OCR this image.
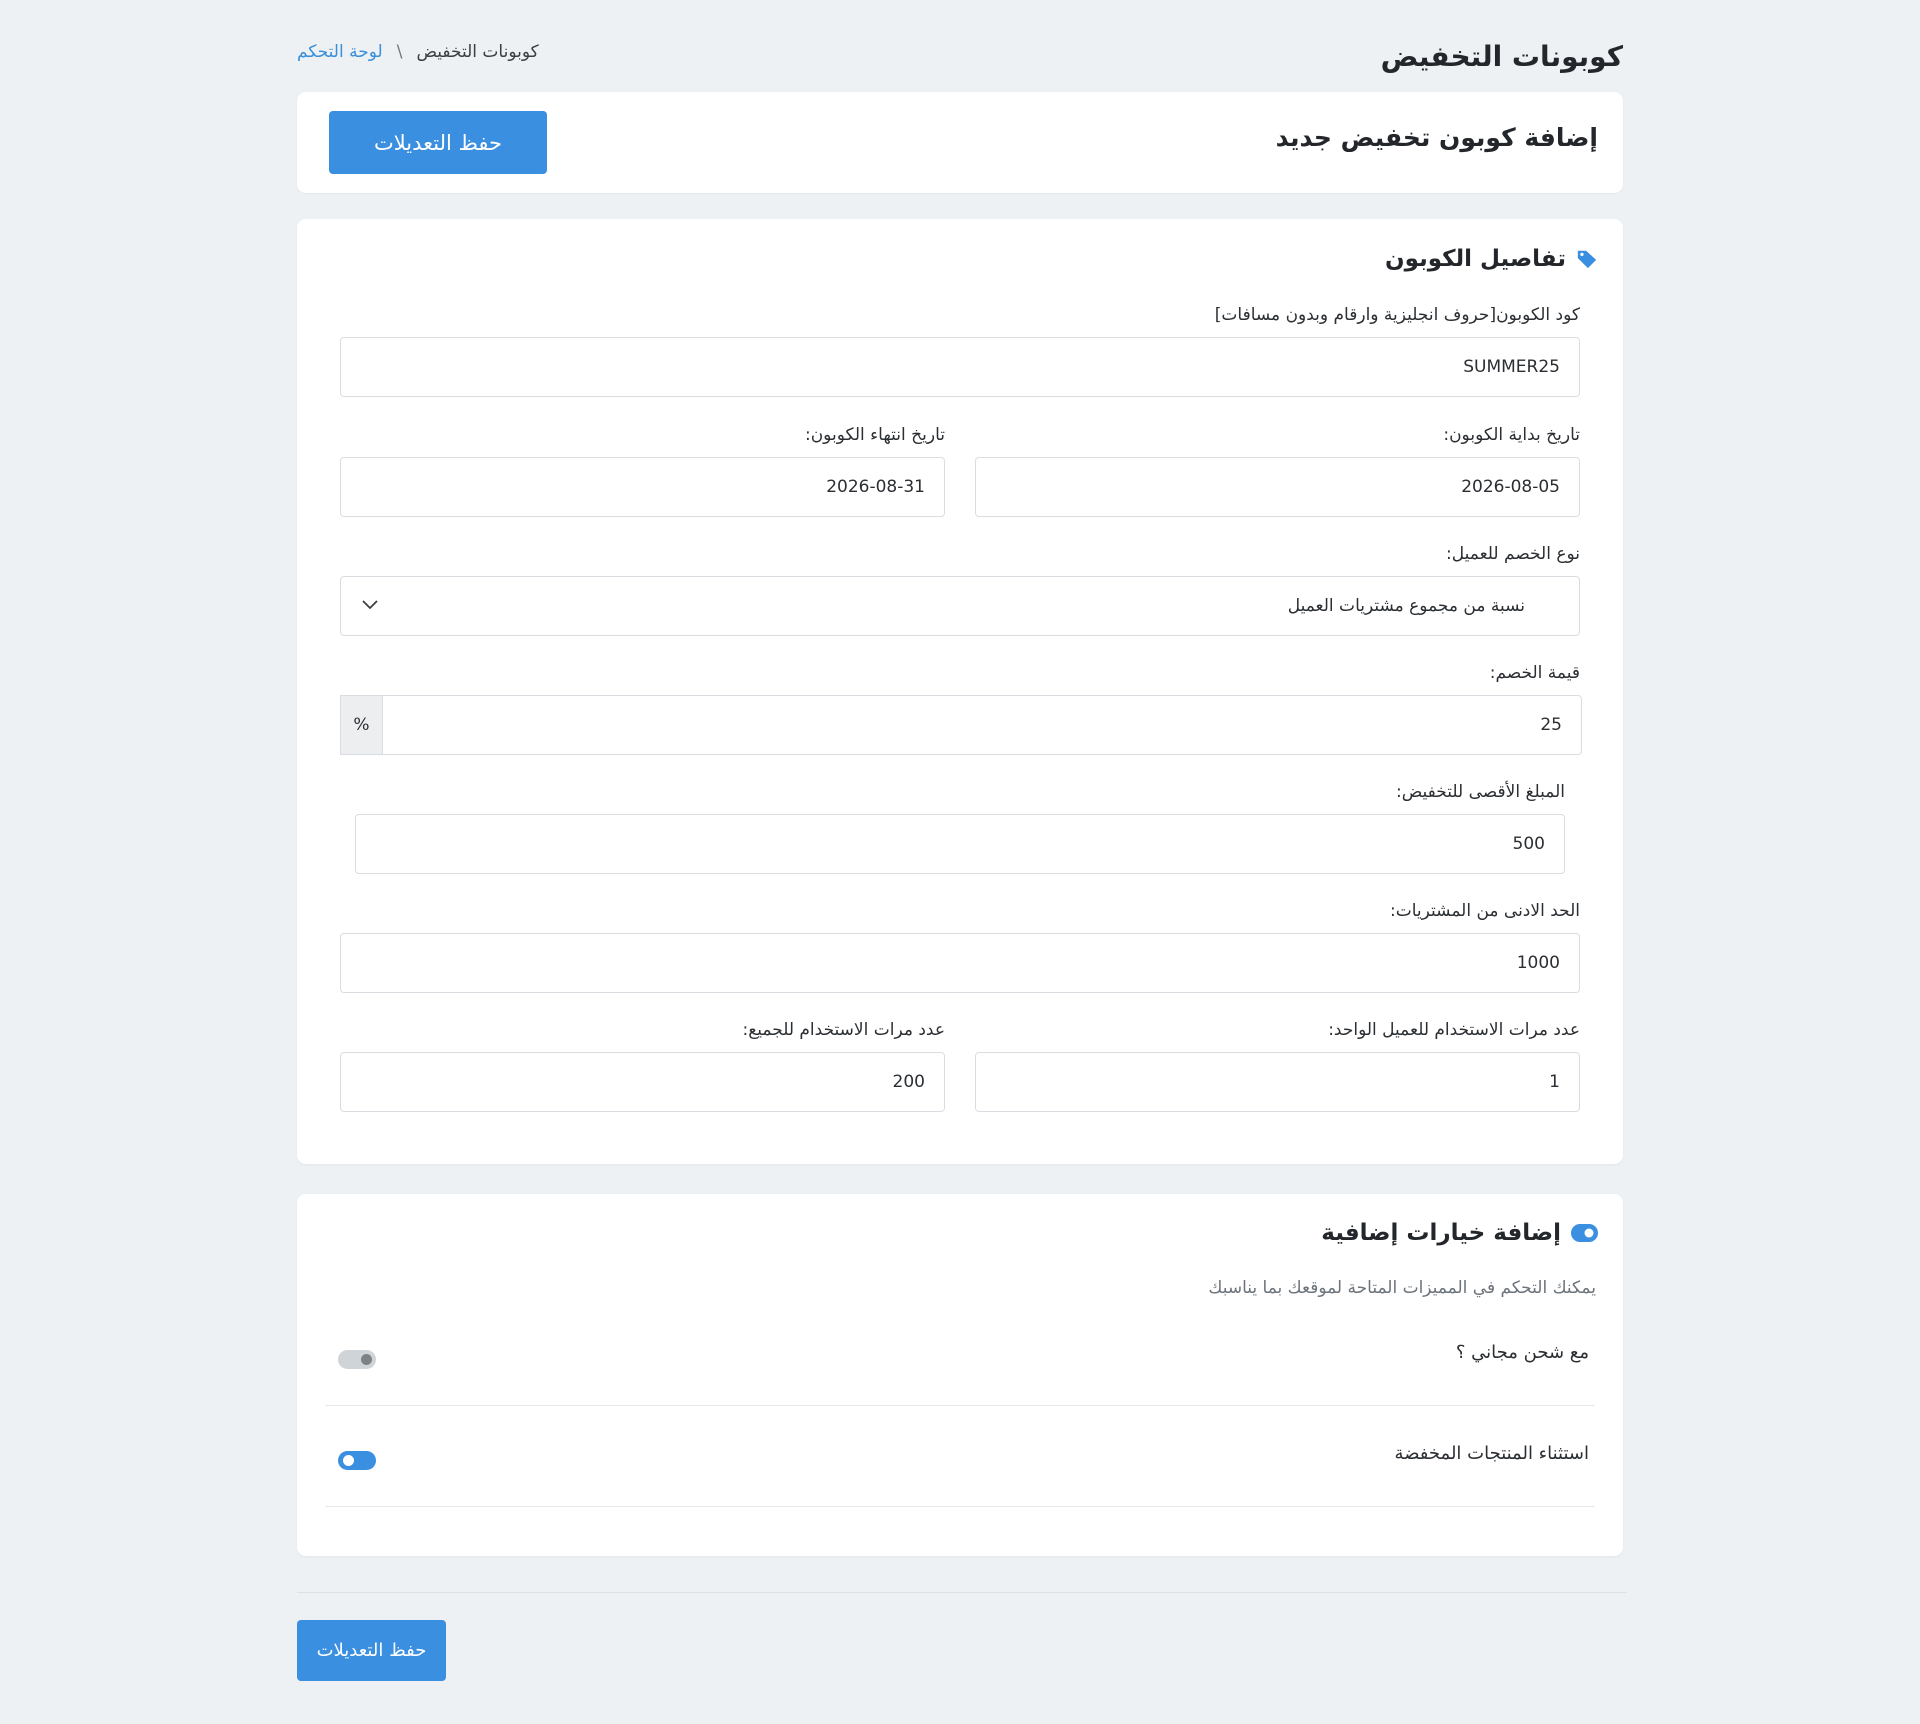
كوبونات التخفيض
كوبونات التخفيض
\
لوحة التحكم
إضافة كوبون تخفيض جديد
حفظ التعديلات
تفاصيل الكوبون
كود الكوبون[حروف انجليزية وارقام وبدون مسافات]
SUMMER25
تاريخ بداية الكوبون:
2026-08-05
تاريخ انتهاء الكوبون:
2026-08-31
نوع الخصم للعميل:
نسبة من مجموع مشتريات العميل
قيمة الخصم:
25
%
المبلغ الأقصى للتخفيض:
500
الحد الادنى من المشتريات:
1000
عدد مرات الاستخدام للعميل الواحد:
1
عدد مرات الاستخدام للجميع:
200
إضافة خيارات إضافية
يمكنك التحكم في المميزات المتاحة لموقعك بما يناسبك
مع شحن مجاني ؟
استثناء المنتجات المخفضة
حفظ التعديلات
